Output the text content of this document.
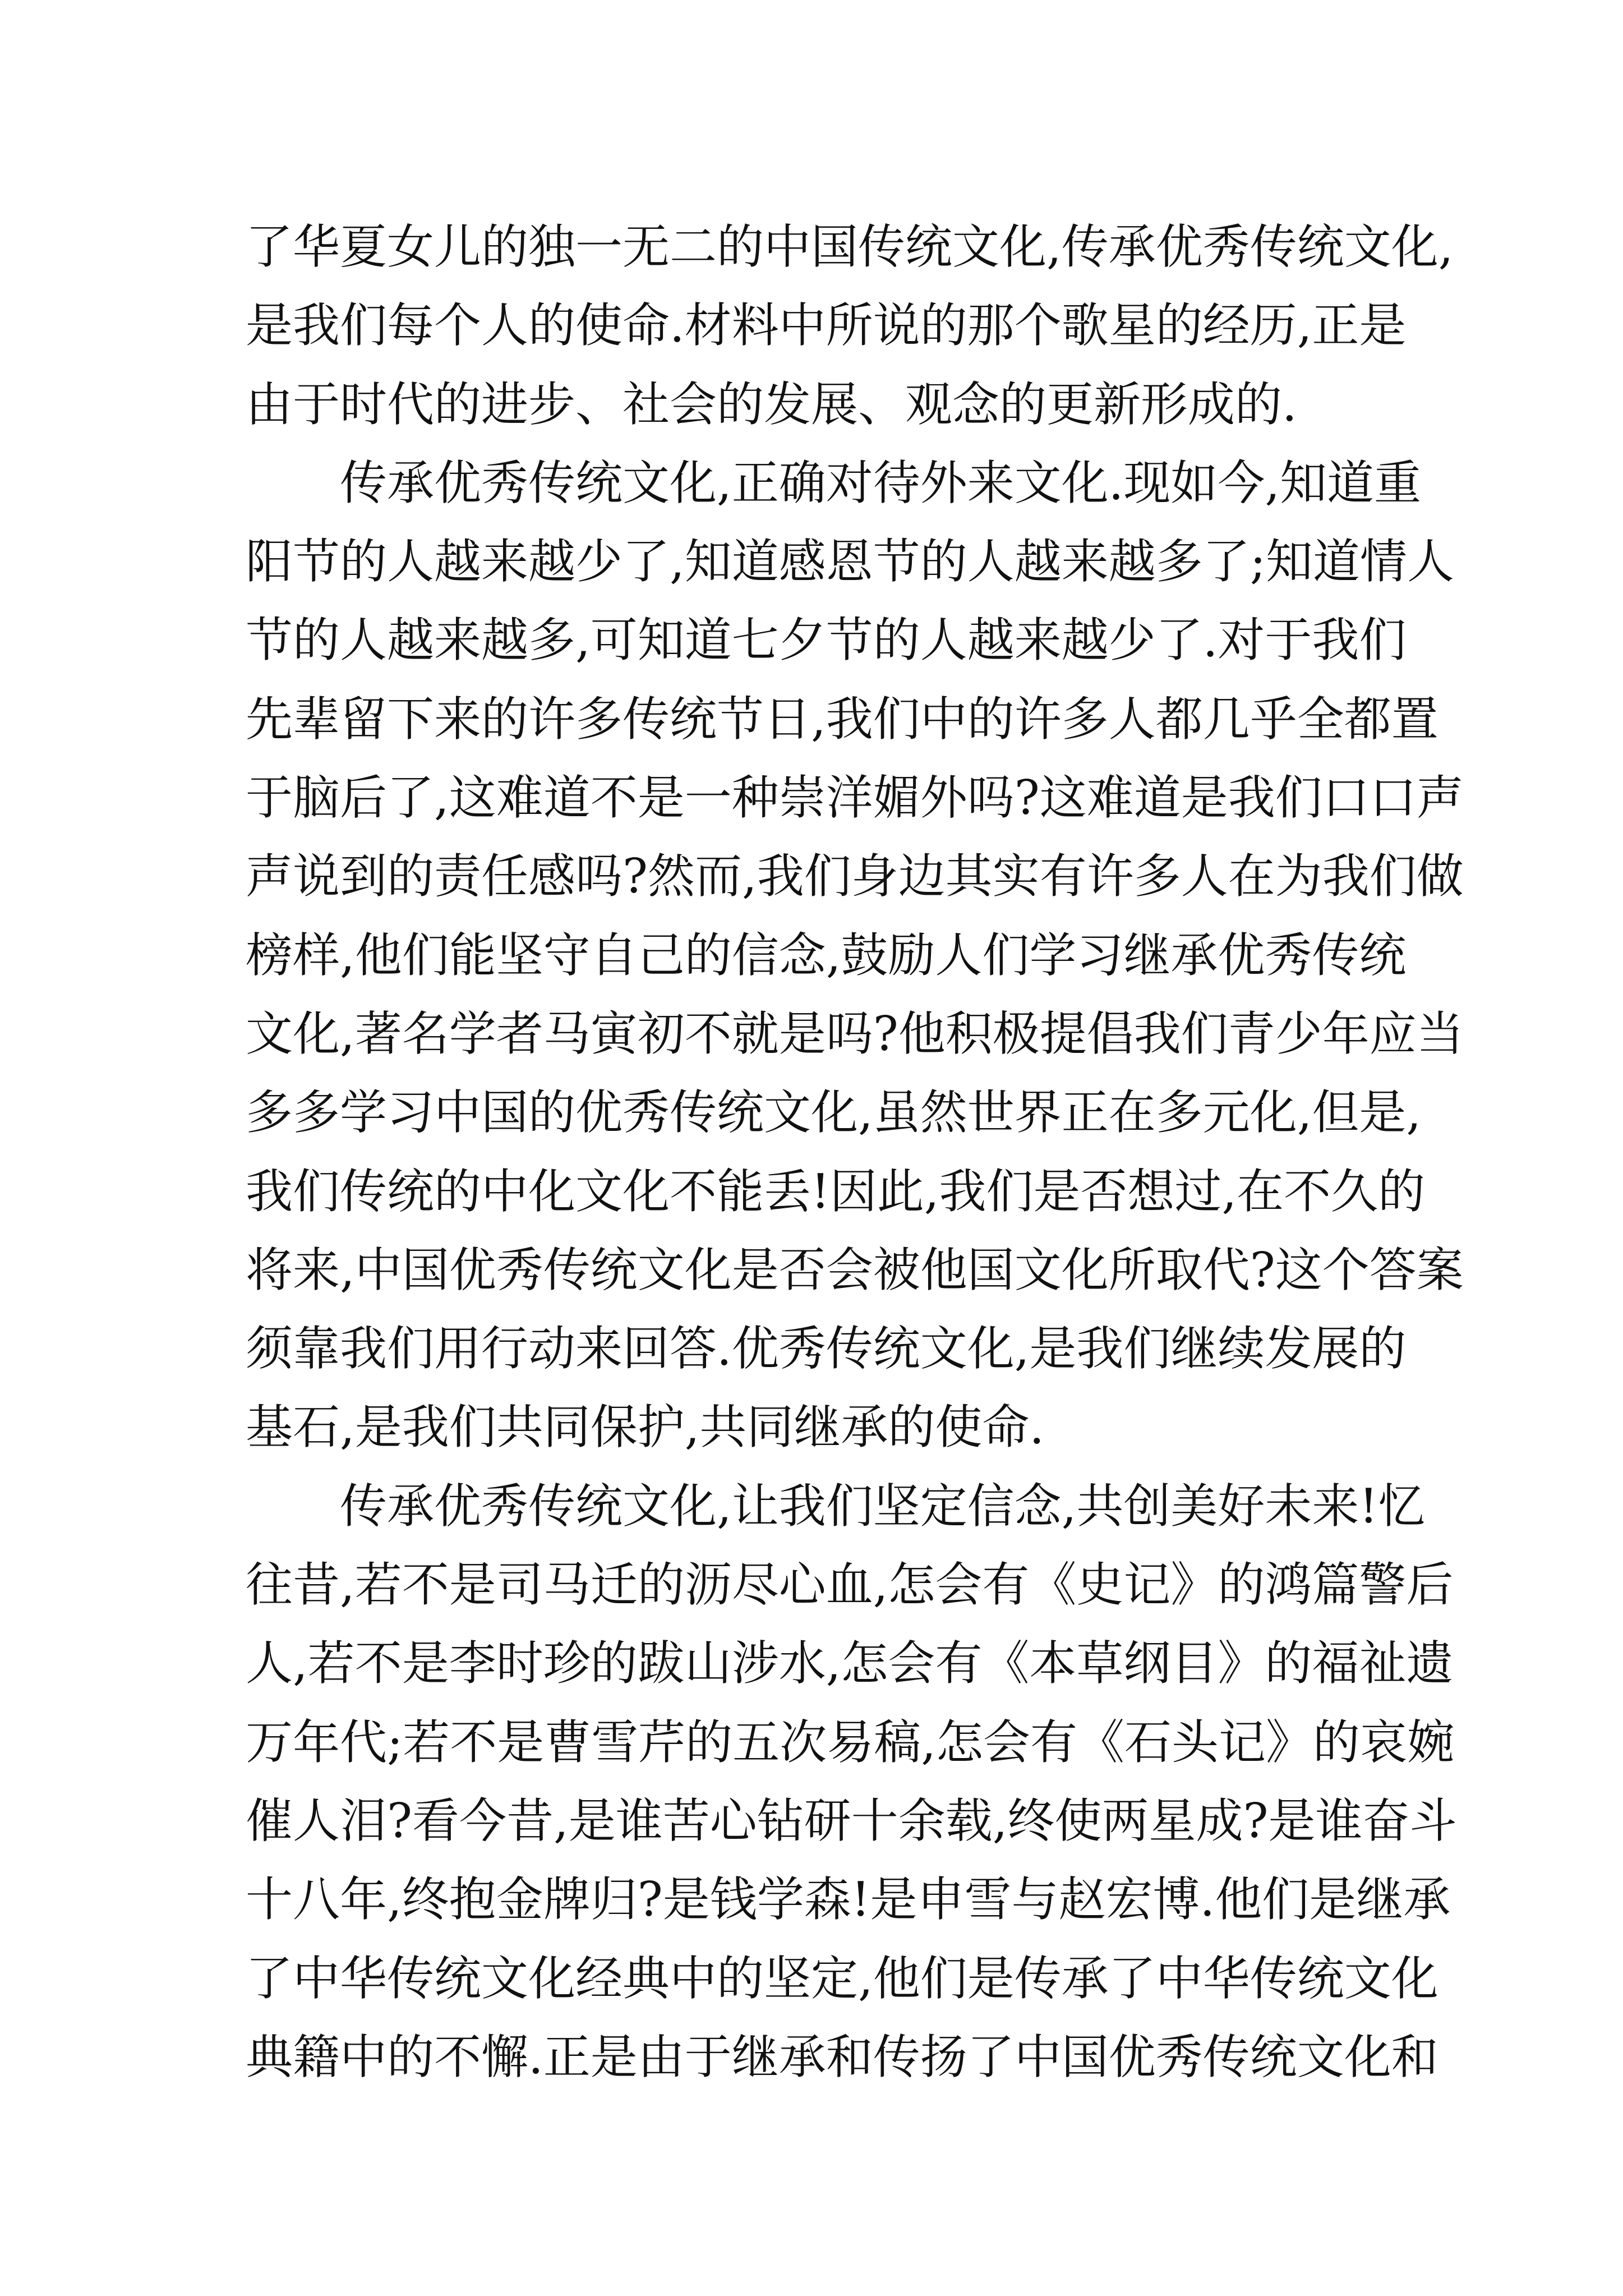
了华夏女儿的独一无二的中国传统文化,传承优秀传统文化,
是我们每个人的使命.材料中所说的那个歌星的经历,正是
由于时代的进步、社会的发展、观念的更新形成的.
传承优秀传统文化,正确对待外来文化.现如今,知道重
阳节的人越来越少了,知道感恩节的人越来越多了;知道情人
节的人越来越多,可知道七夕节的人越来越少了.对于我们
先辈留下来的许多传统节日,我们中的许多人都几乎全都置
于脑后了,这难道不是一种崇洋媚外吗?这难道是我们口口声
声说到的责任感吗?然而,我们身边其实有许多人在为我们做
榜样,他们能坚守自己的信念,鼓励人们学习继承优秀传统
文化,著名学者马寅初不就是吗?他积极提倡我们青少年应当
多多学习中国的优秀传统文化,虽然世界正在多元化,但是,
我们传统的中化文化不能丢!因此,我们是否想过,在不久的
将来,中国优秀传统文化是否会被他国文化所取代?这个答案
须靠我们用行动来回答.优秀传统文化,是我们继续发展的
基石,是我们共同保护,共同继承的使命.
传承优秀传统文化,让我们坚定信念,共创美好未来!忆
往昔,若不是司马迁的沥尽心血,怎会有《史记》的鸿篇警后
人,若不是李时珍的跋山涉水,怎会有《本草纲目》的福祉遗
万年代;若不是曹雪芹的五次易稿,怎会有《石头记》的哀婉
催人泪?看今昔,是谁苦心钻研十余载,终使两星成?是谁奋斗
十八年,终抱金牌归?是钱学森!是申雪与赵宏博.他们是继承
了中华传统文化经典中的坚定,他们是传承了中华传统文化
典籍中的不懈.正是由于继承和传扬了中国优秀传统文化和
